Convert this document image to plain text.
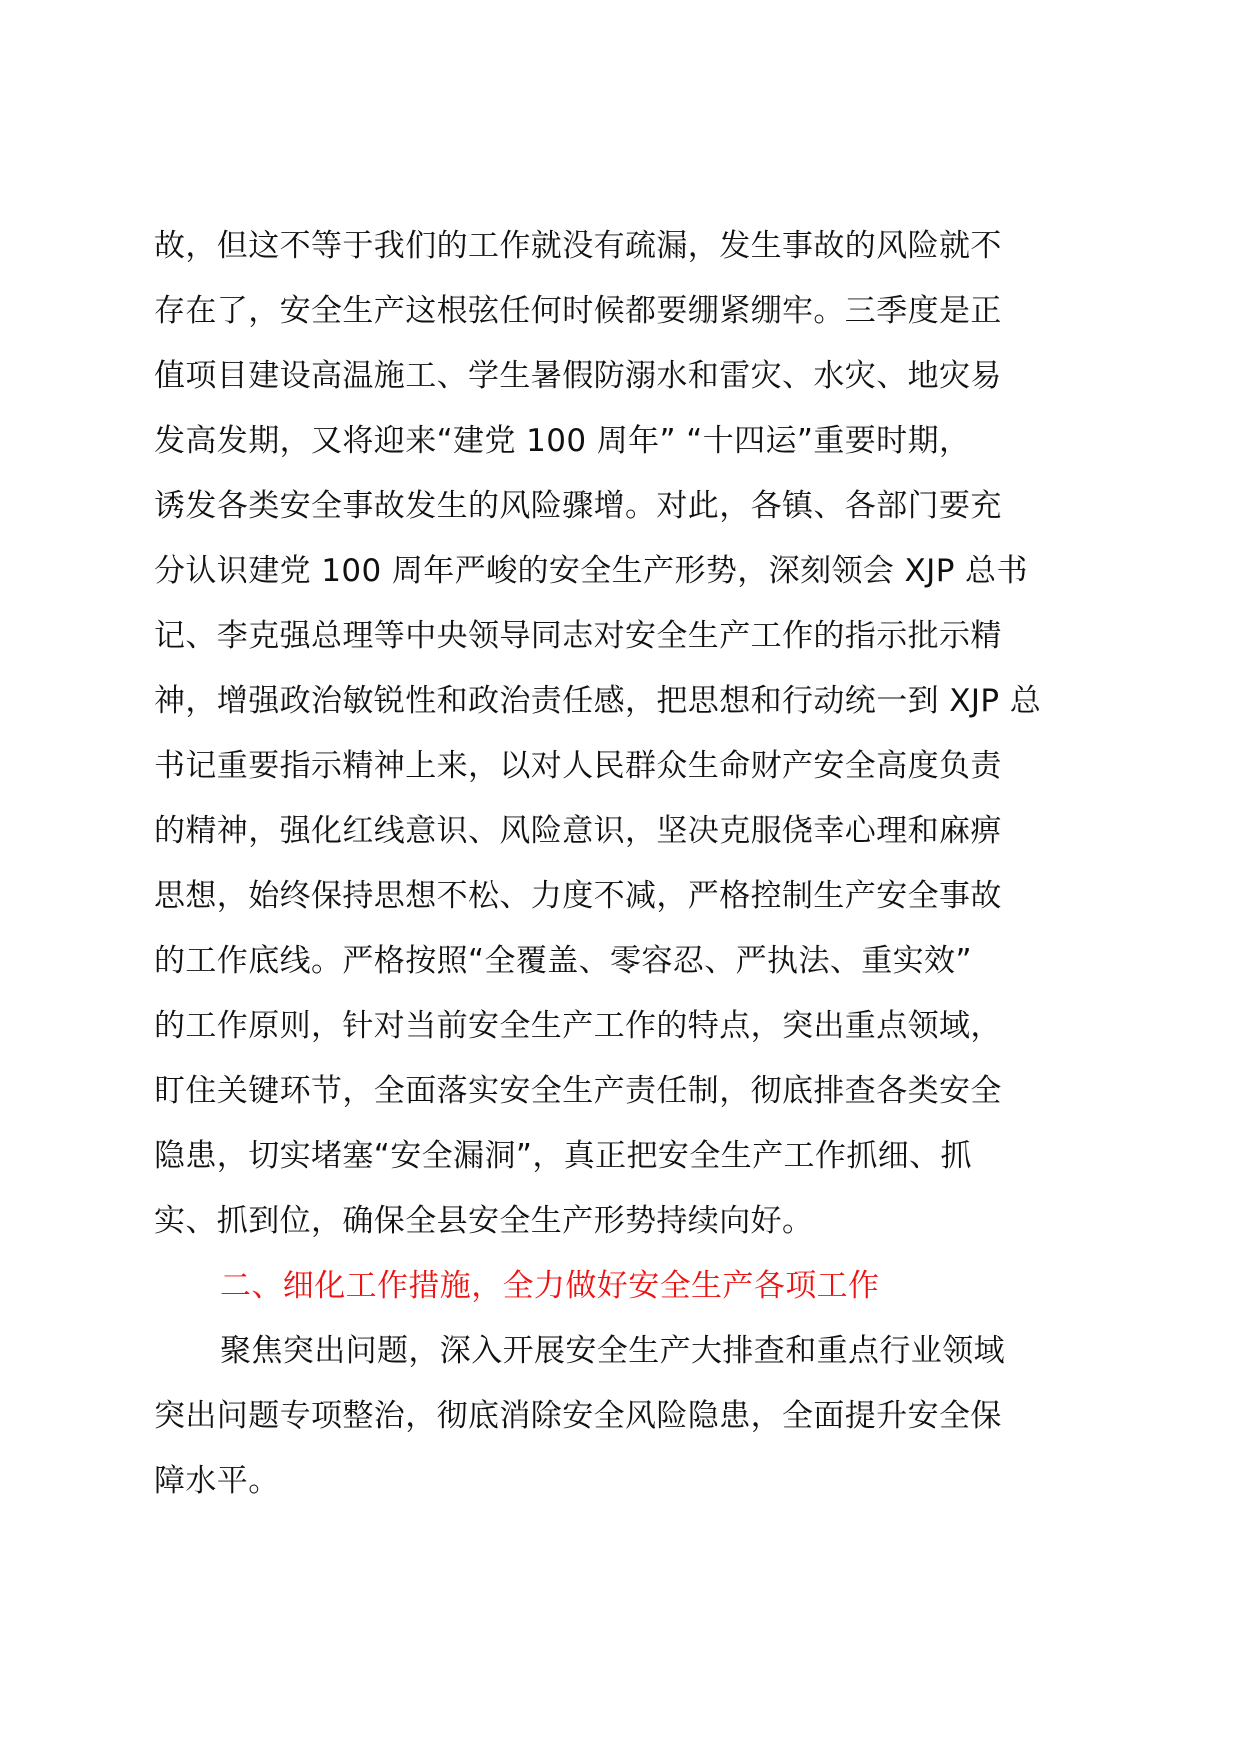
故，但这不等于我们的工作就没有疏漏，发生事故的风险就不
存在了，安全生产这根弦任何时候都要绷紧绷牢。三季度是正
值项目建设高温施工、学生暑假防溺水和雷灾、水灾、地灾易
发高发期，又将迎来“建党 100 周年” “十四运”重要时期，
诱发各类安全事故发生的风险骤增。对此，各镇、各部门要充
分认识建党 100 周年严峻的安全生产形势，深刻领会 XJP 总书
记、李克强总理等中央领导同志对安全生产工作的指示批示精
神，增强政治敏锐性和政治责任感，把思想和行动统一到 XJP 总
书记重要指示精神上来，以对人民群众生命财产安全高度负责
的精神，强化红线意识、风险意识，坚决克服侥幸心理和麻痹
思想，始终保持思想不松、力度不减，严格控制生产安全事故
的工作底线。严格按照“全覆盖、零容忍、严执法、重实效”
的工作原则，针对当前安全生产工作的特点，突出重点领域，
盯住关键环节，全面落实安全生产责任制，彻底排查各类安全
隐患，切实堵塞“安全漏洞”，真正把安全生产工作抓细、抓
实、抓到位，确保全县安全生产形势持续向好。
二、细化工作措施，全力做好安全生产各项工作
聚焦突出问题，深入开展安全生产大排查和重点行业领域
突出问题专项整治，彻底消除安全风险隐患，全面提升安全保
障水平。
